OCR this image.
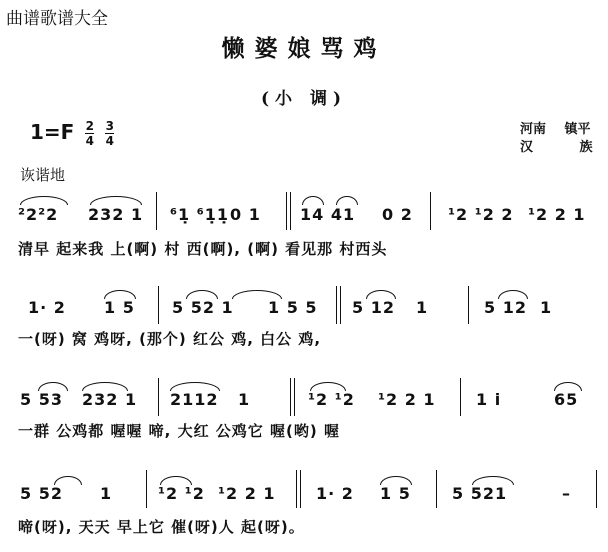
曲谱歌谱大全
懒婆娘骂鸡
(小 调)
$1=F \frac{2}{4}$
$\frac{3}{4}$	河南 镇平
汉	族
诙谐地
²2²2 232 1 ⁶1̣ ⁶1̣1̣ 0 1 14 41 0 2 ¹2 ¹2 2 ¹2 2 1
清早 起来我 上(啊) 村 西(啊), (啊) 看见那 村西头
1· 2 1 5 5 52 1 1 5 5 5 12 1	5 12 1
一(呀) 窝 鸡呀, (那个) 红公 鸡, 白公 鸡,
5 53 232 1 2112 1	¹2 ¹2 ¹2 2 1	1 i	65
一群 公鸡都 喔喔 啼, 大红 公鸡它 喔(哟) 喔
5 52 1	¹2 ¹2 ¹2 2 1	1· 2 1 5	5 521	–
啼(呀), 天天 早上它 催(呀)人 起(呀)。
